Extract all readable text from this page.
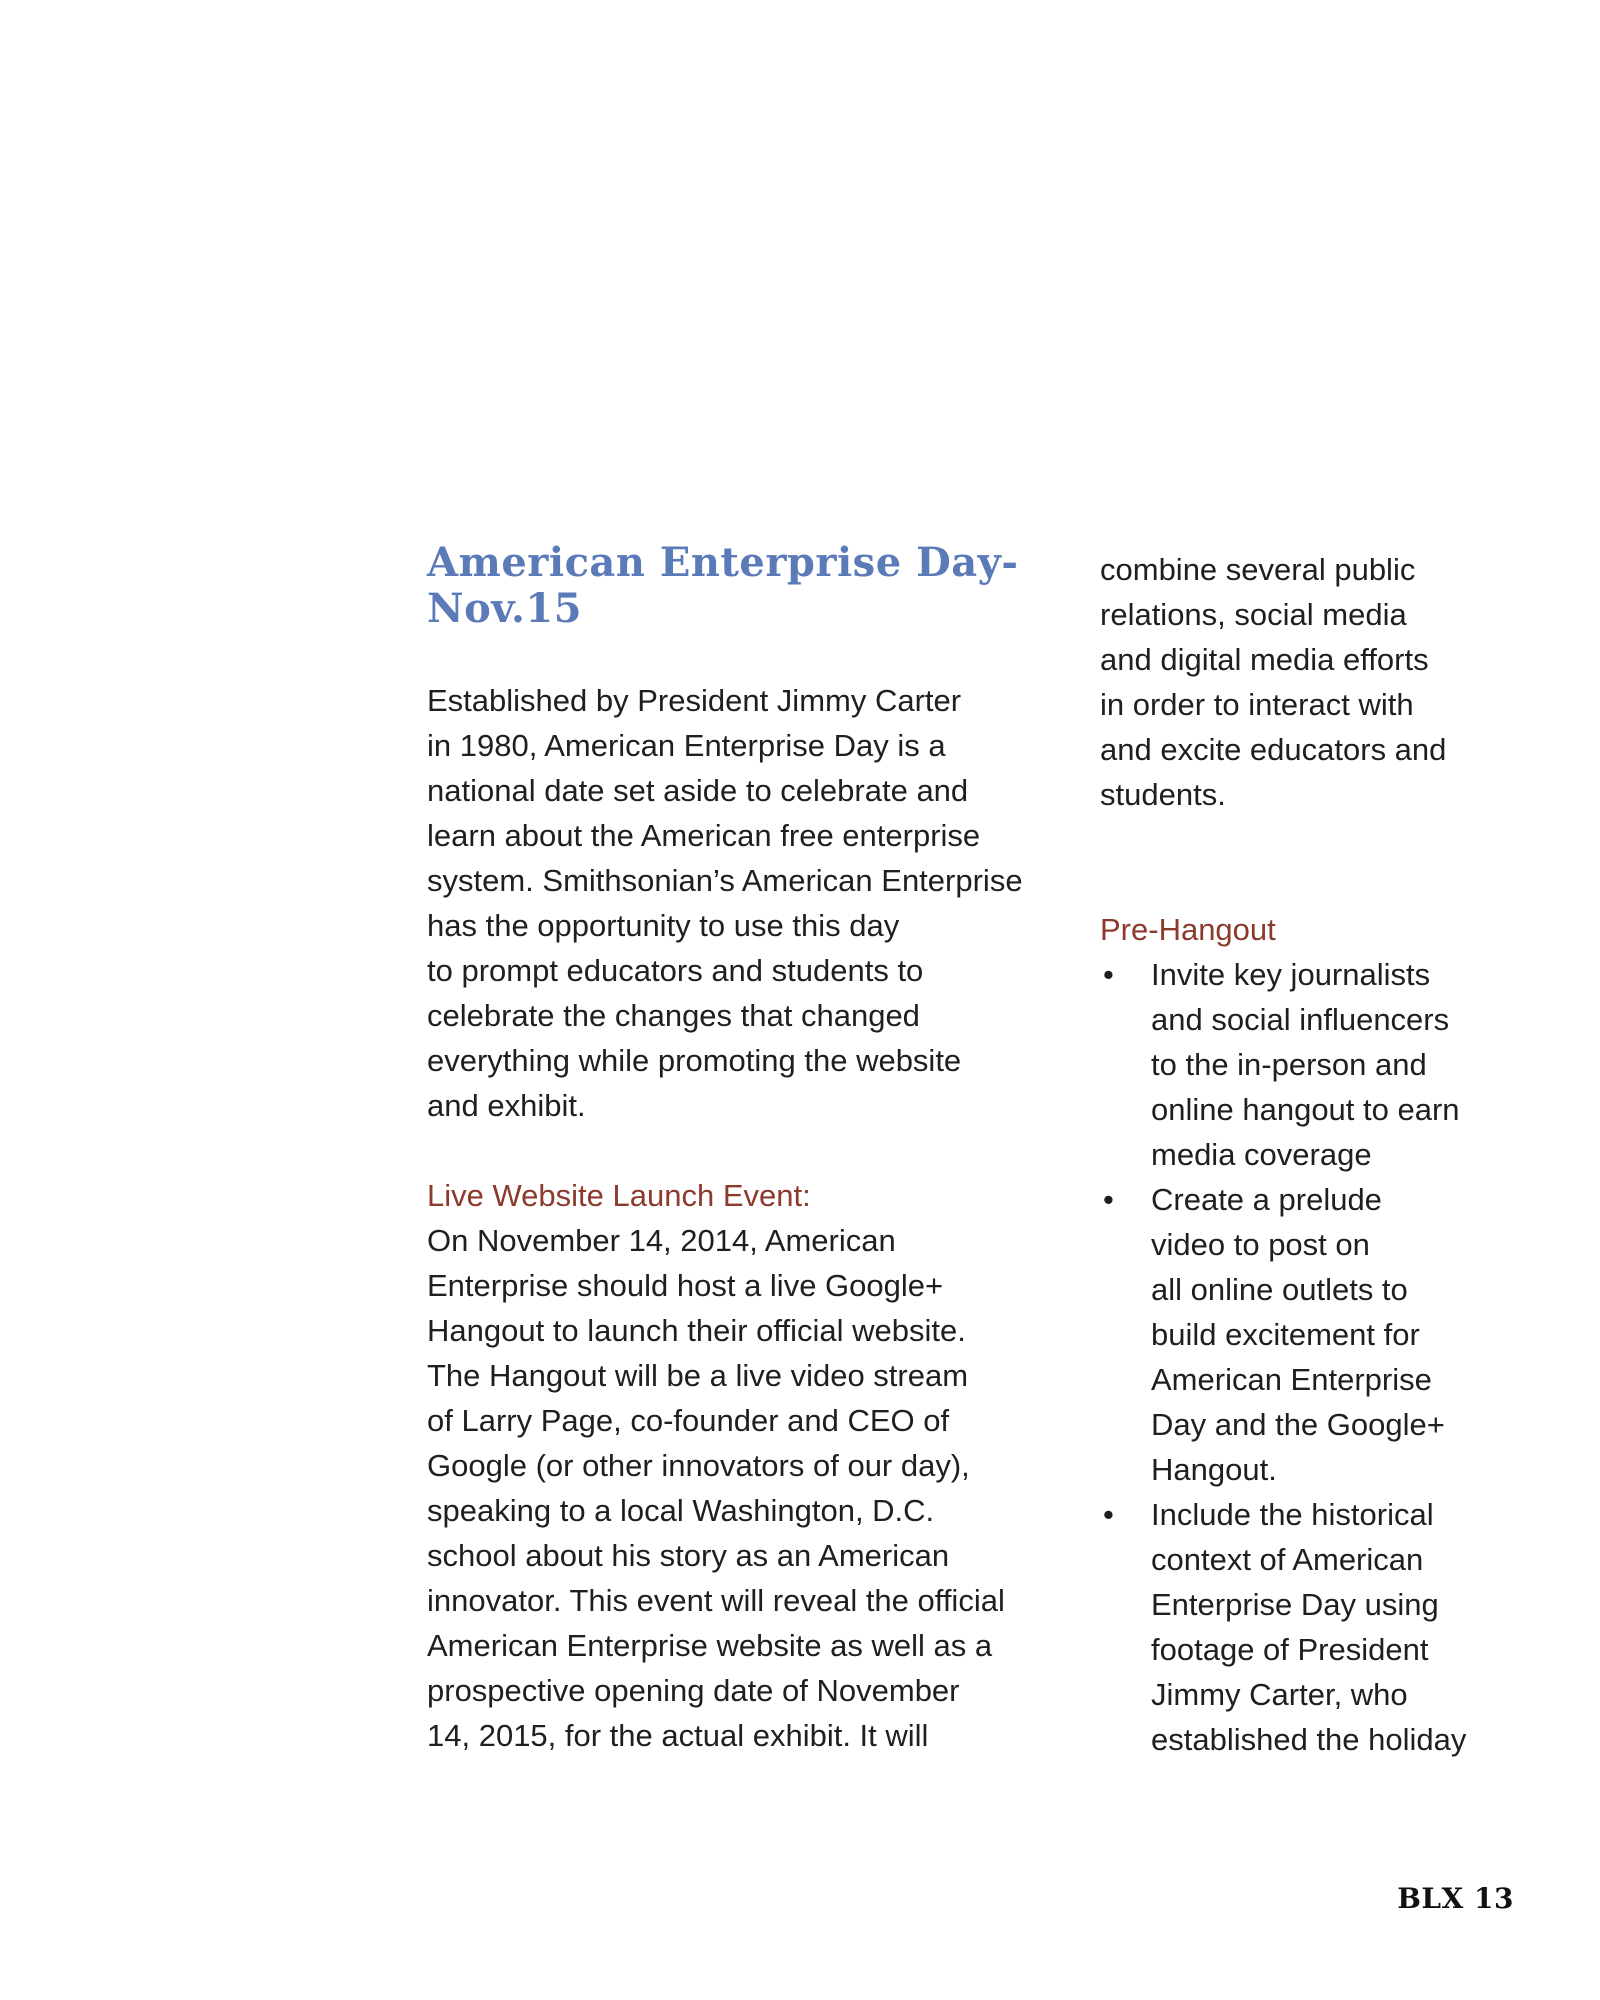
American Enterprise Day-
Nov.15

Established by President Jimmy Carter
in 1980, American Enterprise Day is a
national date set aside to celebrate and
learn about the American free enterprise
system. Smithsonian’s American Enterprise
has the opportunity to use this day
to prompt educators and students to
celebrate the changes that changed
everything while promoting the website
and exhibit.

Live Website Launch Event:

On November 14, 2014, American
Enterprise should host a live Google+
Hangout to launch their official website.
The Hangout will be a live video stream
of Larry Page, co-founder and CEO of
Google (or other innovators of our day),
speaking to a local Washington, D.C.
school about his story as an American
innovator. This event will reveal the official
American Enterprise website as well as a
prospective opening date of November
14, 2015, for the actual exhibit. It will

combine several public
relations, social media
and digital media efforts
in order to interact with
and excite educators and
students.

Pre-Hangout
• Invite key journalists
and social influencers
to the in-person and
online hangout to earn
media coverage
• Create a prelude
video to post on
all online outlets to
build excitement for
American Enterprise
Day and the Google+
Hangout.
• Include the historical
context of American
Enterprise Day using
footage of President
Jimmy Carter, who
established the holiday
BLX 13
